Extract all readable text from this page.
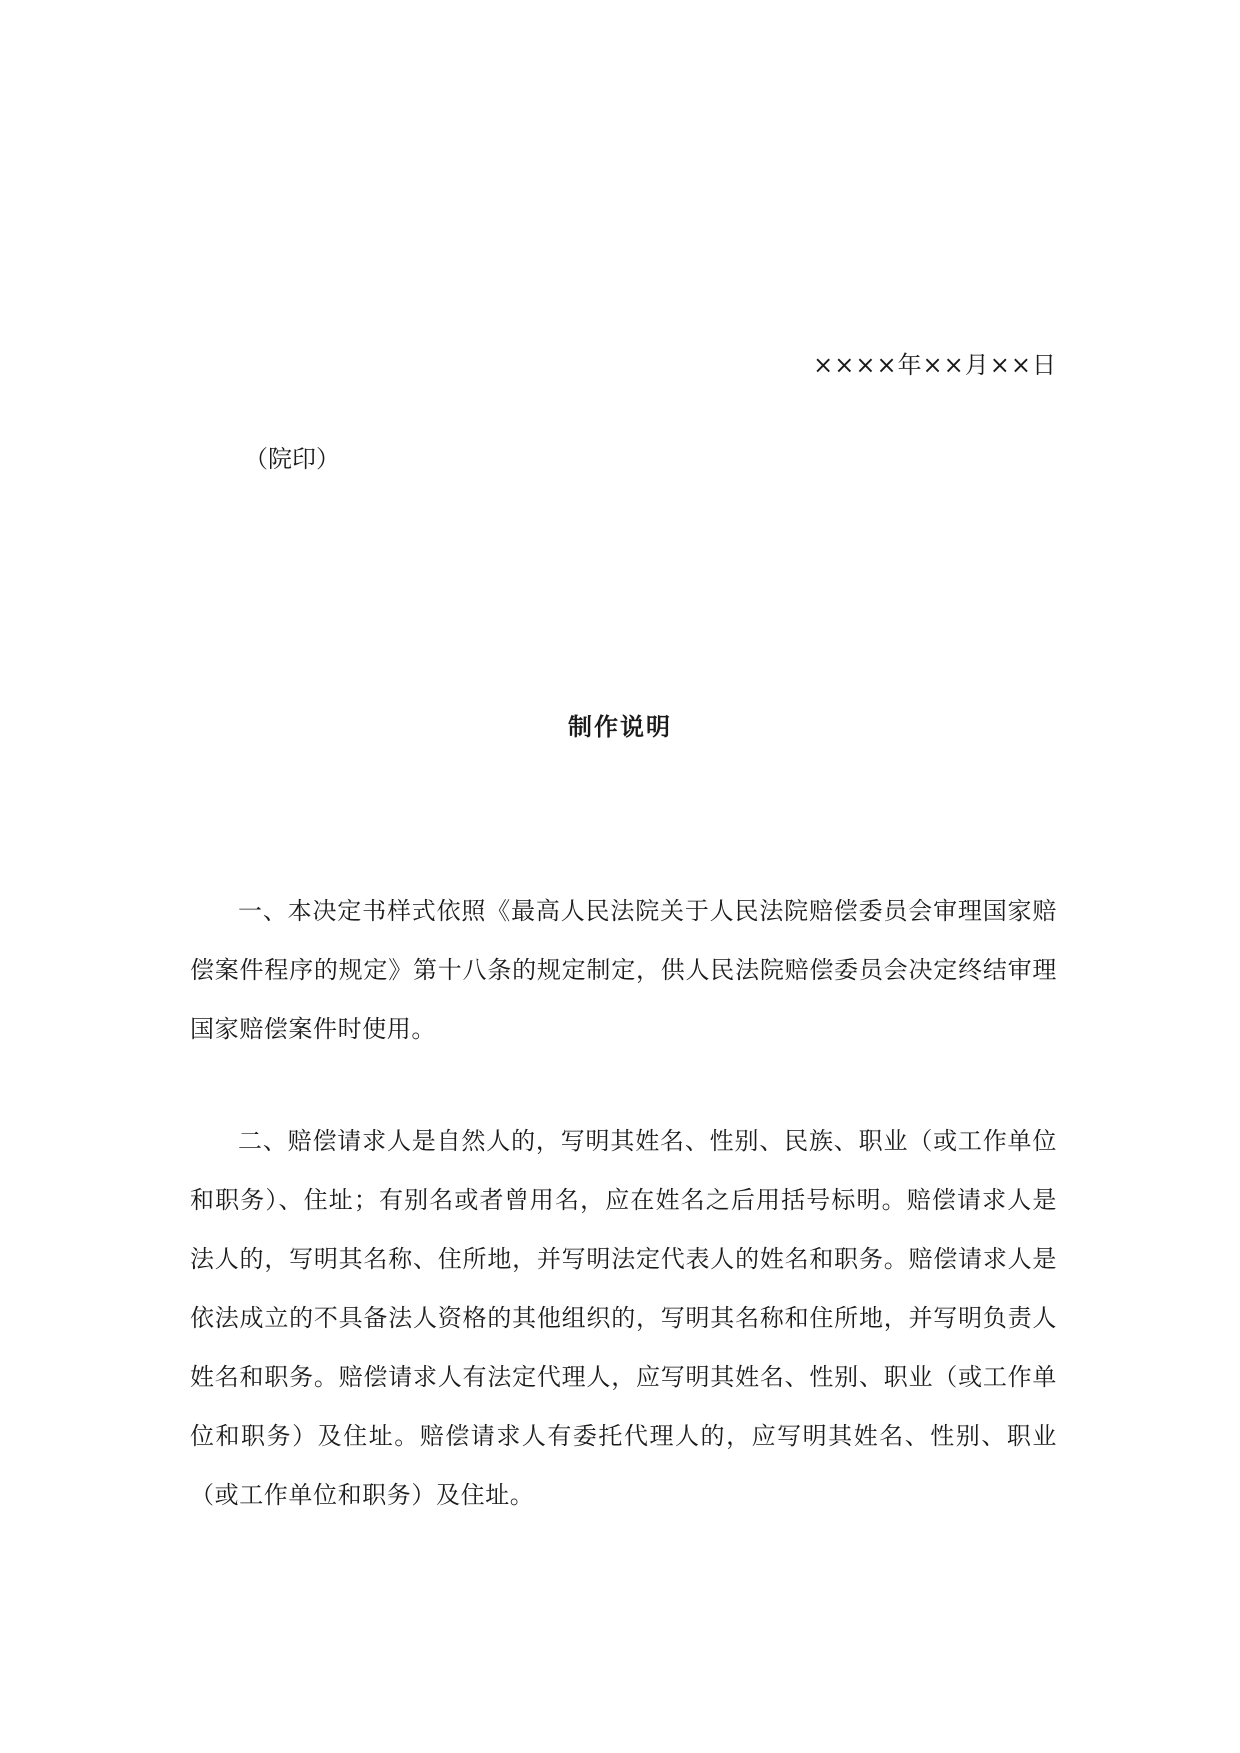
××××年××月××日
（院印）
制作说明

一、本决定书样式依照《最高人民法院关于人民法院赔偿委员会审理国家赔偿案件程序的规定》第十八条的规定制定，供人民法院赔偿委员会决定终结审理国家赔偿案件时使用。

二、赔偿请求人是自然人的，写明其姓名、性别、民族、职业（或工作单位和职务）、住址；有别名或者曾用名，应在姓名之后用括号标明。赔偿请求人是法人的，写明其名称、住所地，并写明法定代表人的姓名和职务。赔偿请求人是依法成立的不具备法人资格的其他组织的，写明其名称和住所地，并写明负责人姓名和职务。赔偿请求人有法定代理人，应写明其姓名、性别、职业（或工作单位和职务）及住址。赔偿请求人有委托代理人的，应写明其姓名、性别、职业（或工作单位和职务）及住址。
